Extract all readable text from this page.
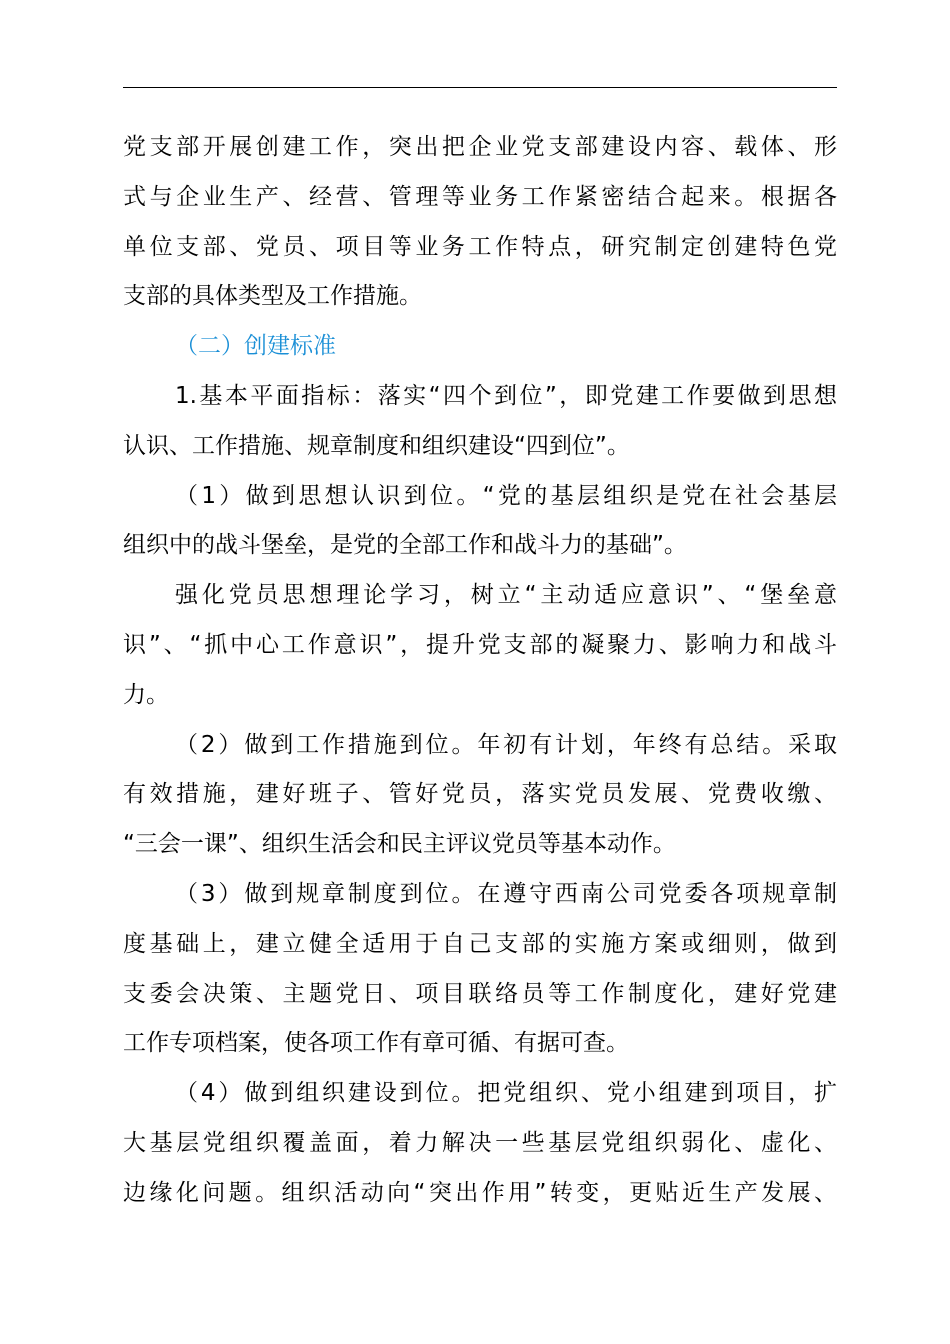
党支部开展创建工作，突出把企业党支部建设内容、载体、形
式与企业生产、经营、管理等业务工作紧密结合起来。根据各
单位支部、党员、项目等业务工作特点，研究制定创建特色党
支部的具体类型及工作措施。
（二）创建标准
1.基本平面指标：落实“四个到位”，即党建工作要做到思想
认识、工作措施、规章制度和组织建设“四到位”。
（1）做到思想认识到位。“党的基层组织是党在社会基层
组织中的战斗堡垒，是党的全部工作和战斗力的基础”。
强化党员思想理论学习，树立“主动适应意识”、“堡垒意
识”、“抓中心工作意识”，提升党支部的凝聚力、影响力和战斗
力。
（2）做到工作措施到位。年初有计划，年终有总结。采取
有效措施，建好班子、管好党员，落实党员发展、党费收缴、
“三会一课”、组织生活会和民主评议党员等基本动作。
（3）做到规章制度到位。在遵守西南公司党委各项规章制
度基础上，建立健全适用于自己支部的实施方案或细则，做到
支委会决策、主题党日、项目联络员等工作制度化，建好党建
工作专项档案，使各项工作有章可循、有据可查。
（4）做到组织建设到位。把党组织、党小组建到项目，扩
大基层党组织覆盖面，着力解决一些基层党组织弱化、虚化、
边缘化问题。组织活动向“突出作用”转变，更贴近生产发展、
